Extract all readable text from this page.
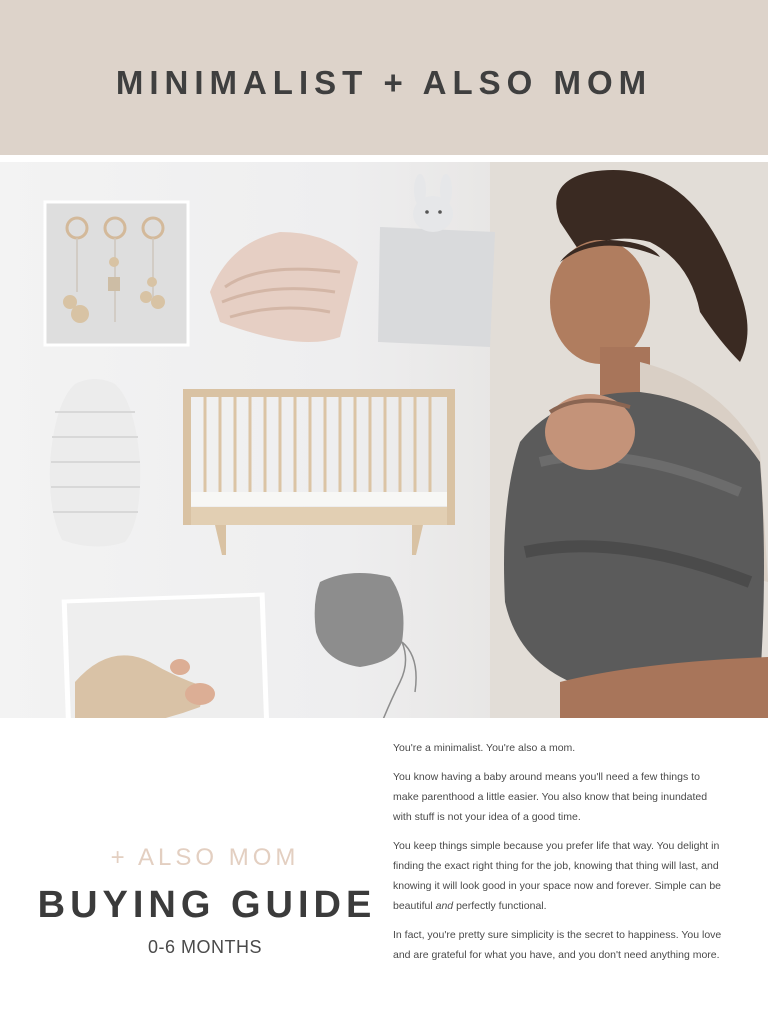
MINIMALIST + ALSO MOM
+ ALSO MOM
BUYING GUIDE
0-6 MONTHS

You're a minimalist. You're also a mom.

You know having a baby around means you'll need a few things to make parenthood a little easier. You also know that being inundated with stuff is not your idea of a good time.

You keep things simple because you prefer life that way. You delight in finding the exact right thing for the job, knowing that thing will last, and knowing it will look good in your space now and forever. Simple can be beautiful and perfectly functional.

In fact, you're pretty sure simplicity is the secret to happiness. You love and are grateful for what you have, and you don't need anything more.
